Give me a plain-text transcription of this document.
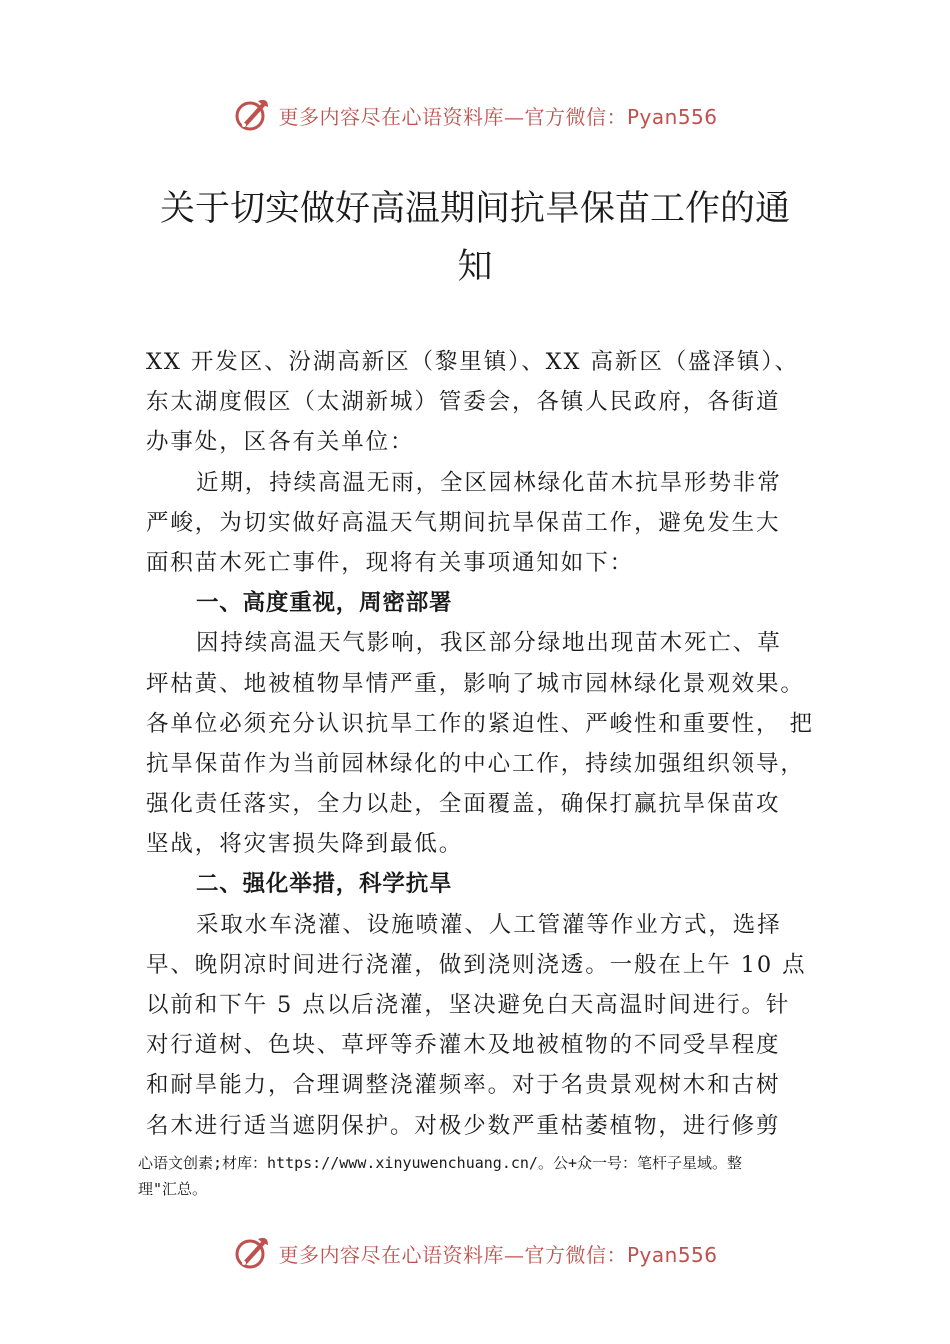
更多内容尽在心语资料库—官方微信：Pyan556
关于切实做好高温期间抗旱保苗工作的通
知
XX 开发区、汾湖高新区（黎里镇）、XX 高新区（盛泽镇）、
东太湖度假区（太湖新城）管委会，各镇人民政府，各街道
办事处，区各有关单位：
近期，持续高温无雨，全区园林绿化苗木抗旱形势非常
严峻，为切实做好高温天气期间抗旱保苗工作，避免发生大
面积苗木死亡事件，现将有关事项通知如下：
一、高度重视，周密部署
因持续高温天气影响，我区部分绿地出现苗木死亡、草
坪枯黄、地被植物旱情严重，影响了城市园林绿化景观效果。
各单位必须充分认识抗旱工作的紧迫性、严峻性和重要性， 把
抗旱保苗作为当前园林绿化的中心工作，持续加强组织领导，
强化责任落实，全力以赴，全面覆盖，确保打赢抗旱保苗攻
坚战，将灾害损失降到最低。
二、强化举措，科学抗旱
采取水车浇灌、设施喷灌、人工管灌等作业方式，选择
早、晚阴凉时间进行浇灌，做到浇则浇透。一般在上午 10 点
以前和下午 5 点以后浇灌，坚决避免白天高温时间进行。针
对行道树、色块、草坪等乔灌木及地被植物的不同受旱程度
和耐旱能力，合理调整浇灌频率。对于名贵景观树木和古树
名木进行适当遮阴保护。对极少数严重枯萎植物，进行修剪
心语文创素;材库：https://www.xinyuwenchuang.cn/。公+众一号：笔杆子星域。整
理"汇总。
更多内容尽在心语资料库—官方微信：Pyan556
